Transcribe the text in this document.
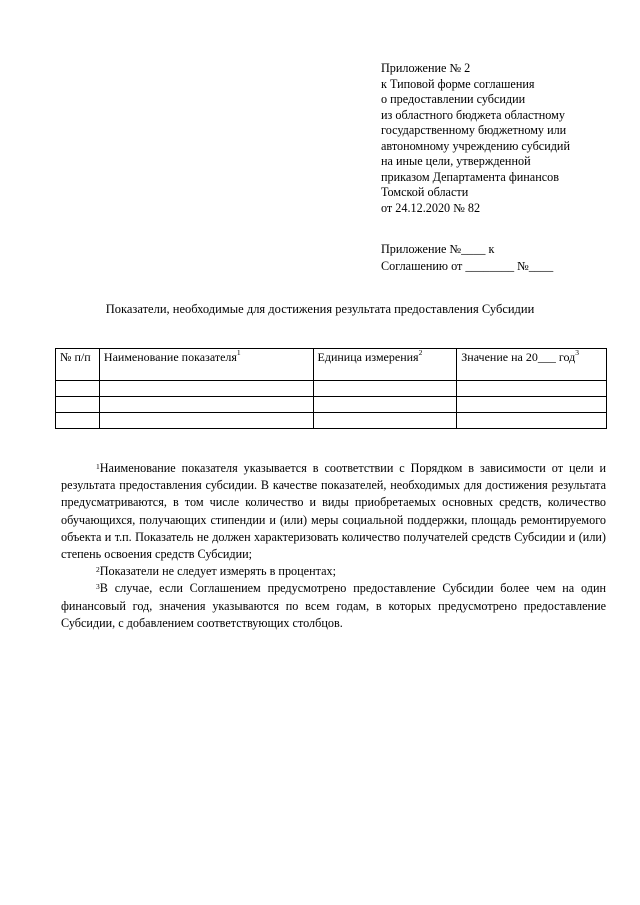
Приложение № 2
к Типовой форме соглашения
о предоставлении субсидии
из областного бюджета областному
государственному бюджетному или
автономному учреждению субсидий
на иные цели, утвержденной
приказом Департамента финансов
Томской области
от 24.12.2020 № 82
Приложение №____ к
Соглашению от ________ №____
Показатели, необходимые для достижения результата предоставления Субсидии
№ п/п	Наименование показателя$^1$	Единица измерения$^2$	Значение на 20___ год$^3$

$^1$Наименование показателя указывается в соответствии с Порядком в зависимости от цели и результата предоставления субсидии. В качестве показателей, необходимых для достижения результата предусматриваются, в том числе количество и виды приобретаемых основных средств, количество обучающихся, получающих стипендии и (или) меры социальной поддержки, площадь ремонтируемого объекта и т.п. Показатель не должен характеризовать количество получателей средств Субсидии и (или) степень освоения средств Субсидии;

$^2$Показатели не следует измерять в процентах;

$^3$В случае, если Соглашением предусмотрено предоставление Субсидии более чем на один финансовый год, значения указываются по всем годам, в которых предусмотрено предоставление Субсидии, с добавлением соответствующих столбцов.
